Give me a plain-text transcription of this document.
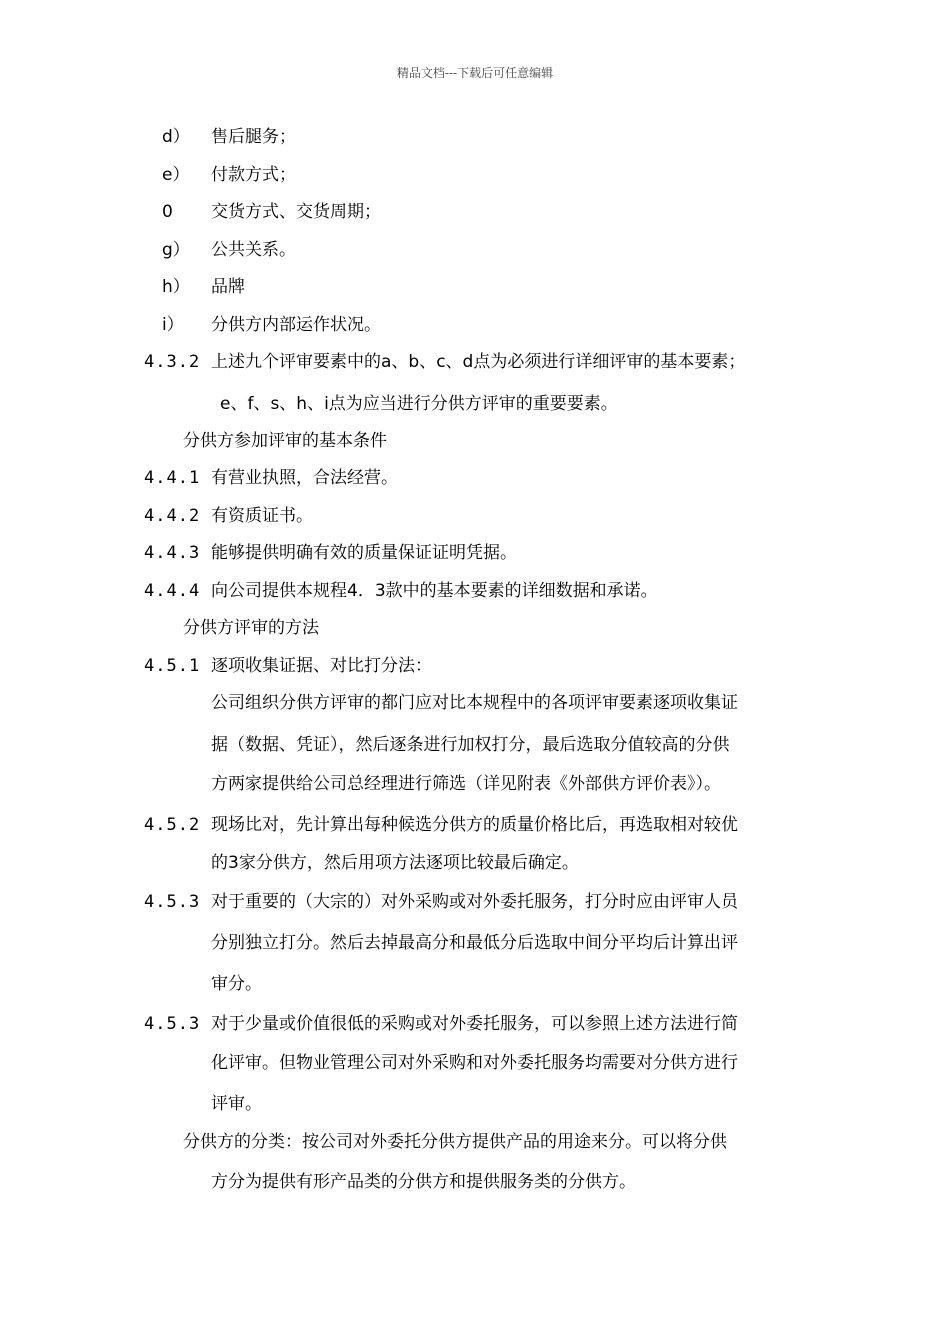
精品文档---下载后可任意编辑
d） 售后腿务；
e） 付款方式；
0 交货方式、交货周期；
g） 公共关系。
h） 品牌
i） 分供方内部运作状况。
4.3.2 上述九个评审要素中的a、b、c、d点为必须进行详细评审的基本要素；
e、f、s、h、i点为应当进行分供方评审的重要要素。
分供方参加评审的基本条件
4.4.1 有营业执照，合法经营。
4.4.2 有资质证书。
4.4.3 能够提供明确有效的质量保证证明凭据。
4.4.4 向公司提供本规程4．3款中的基本要素的详细数据和承诺。
分供方评审的方法
4.5.1 逐项收集证据、对比打分法：
公司组织分供方评审的都门应对比本规程中的各项评审要素逐项收集证
据（数据、凭证），然后逐条进行加权打分，最后选取分值较高的分供
方两家提供给公司总经理进行筛选（详见附表《外部供方评价表》）。
4.5.2 现场比对，先计算出每种候选分供方的质量价格比后，再选取相对较优
的3家分供方，然后用项方法逐项比较最后确定。
4.5.3 对于重要的（大宗的）对外采购或对外委托服务，打分时应由评审人员
分别独立打分。然后去掉最高分和最低分后选取中间分平均后计算出评
审分。
4.5.3 对于少量或价值很低的采购或对外委托服务，可以参照上述方法进行简
化评审。但物业管理公司对外采购和对外委托服务均需要对分供方进行
评审。
分供方的分类：按公司对外委托分供方提供产品的用途来分。可以将分供
方分为提供有形产品类的分供方和提供服务类的分供方。
